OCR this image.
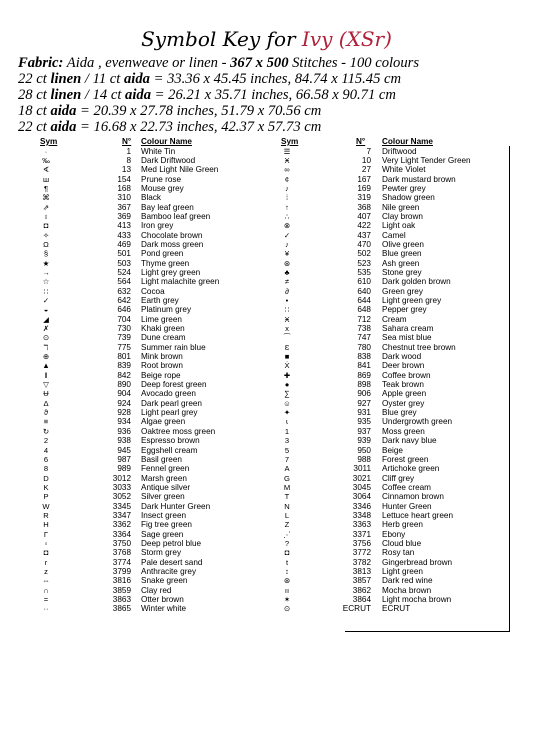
Symbol Key for Ivy (XSr)
Fabric: Aida , evenweave or linen - 367 x 500 Stitches - 100 colours
22 ct linen / 11 ct aida = 33.36 x 45.45 inches, 84.74 x 115.45 cm
28 ct linen / 14 ct aida = 26.21 x 35.71 inches, 66.58 x 90.71 cm
18 ct aida = 20.39 x 27.78 inches, 51.79 x 70.56 cm
22 ct aida = 16.68 x 22.73 inches, 42.37 x 57.73 cm
Sym	N° Colour Name	Sym	N° Colour Name
·	1 White Tin
‰	8 Dark Driftwood
∢	13 Med Light Nile Green
ш	154 Prune rose
¶	168 Mouse grey
⌘	310 Black
⇗	367 Bay leaf green
♁	369 Bamboo leaf green
◘	413 Iron grey
✧	433 Chocolate brown
Ω	469 Dark moss green
§	501 Pond green
★	503 Thyme green
→	524 Light grey green
☆	564 Light malachite green
∷	632 Cocoa
✓	642 Earth grey
◒	646 Platinum grey
◢	704 Lime green
✗	730 Khaki green
⊙	739 Dune cream
ℸ	775 Summer rain blue
⊕	801 Mink brown
▲	839 Root brown
ǁ	842 Beige rope
▽	890 Deep forest green
Ʉ	904 Avocado green
Δ	924 Dark pearl green
ϑ	928 Light pearl grey
≡	934 Algae green
↻	936 Oaktree moss green
2	938 Espresso brown
4	945 Eggshell cream
6	987 Basil green
8	989 Fennel green
D	3012 Marsh green
K	3033 Antique silver
P	3052 Silver green
W	3345 Dark Hunter Green
R	3347 Insect green
H	3362 Fig tree green
Γ	3364 Sage green
▫	3750 Deep petrol blue
◘	3768 Storm grey
r	3774 Pale desert sand
z	3799 Anthracite grey
⇔	3816 Snake green
∩	3859 Clay red
=	3863 Otter brown
··	3865 Winter white
☰	7 Driftwood
Ӿ	10 Very Light Tender Green
∞	27 White Violet
¢	167 Dark mustard brown
♪	169 Pewter grey
⁞	319 Shadow green
↑	368 Nile green
∴	407 Clay brown
⊗	422 Light oak
✓	437 Camel
♪	470 Olive green
¥	502 Blue green
⊛	523 Ash green
♣	535 Stone grey
≠	610 Dark golden brown
∂	640 Green grey
•	644 Light green grey
∷	648 Pepper grey
Ӿ	712 Cream
x	738 Sahara cream
⁀	747 Sea mist blue
Ɛ	780 Chestnut tree brown
■	838 Dark wood
Ẋ	841 Deer brown
✚	869 Coffee brown
●	898 Teak brown
∑	906 Apple green
☺	927 Oyster grey
✦	931 Blue grey
ɩ	935 Undergrowth green
1	937 Moss green
3	939 Dark navy blue
5	950 Beige
7	988 Forest green
A	3011 Artichoke green
G	3021 Cliff grey
M	3045 Coffee cream
T	3064 Cinnamon brown
N	3346 Hunter Green
L	3348 Lettuce heart green
Z	3363 Herb green
⋰	3371 Ebony
?	3756 Cloud blue
◘	3772 Rosy tan
t	3782 Gingerbread brown
↕	3813 Light green
⊛	3857 Dark red wine
ıı	3862 Mocha brown
✶	3864 Light mocha brown
⊙	ECRUT ECRUT
